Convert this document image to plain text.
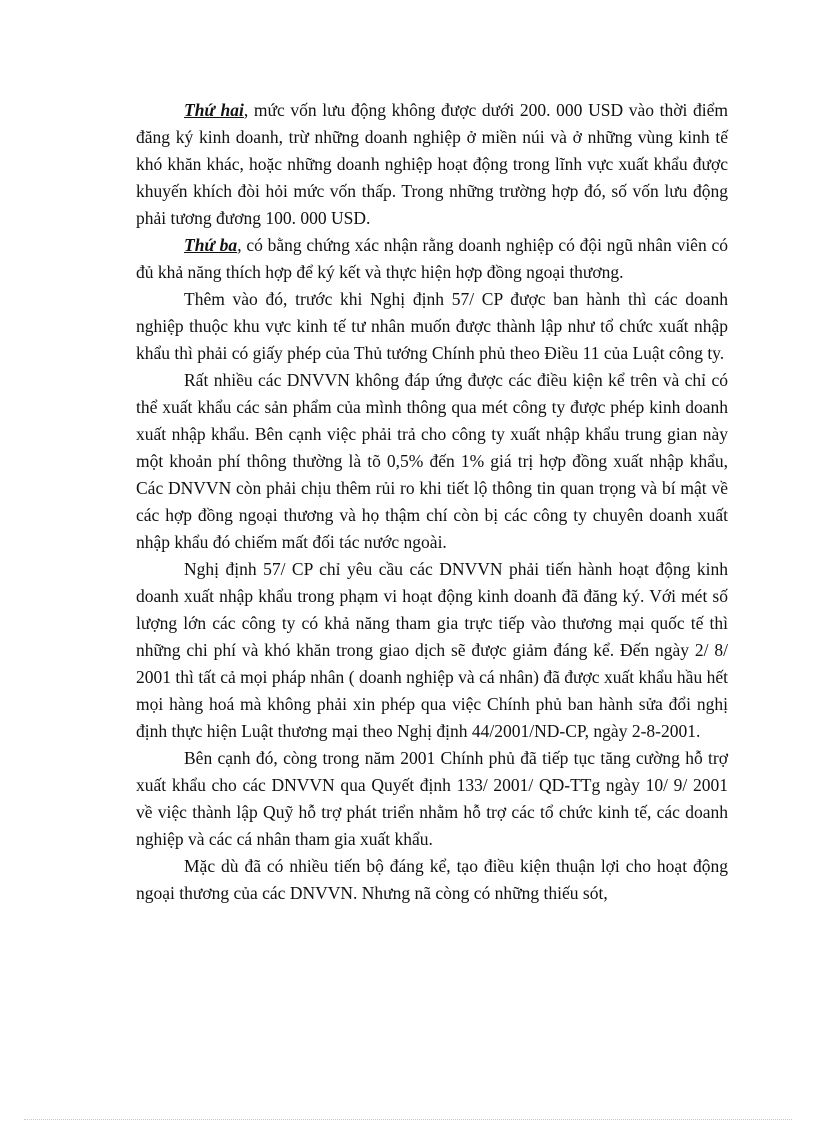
Thứ hai, mức vốn lưu động không được dưới 200. 000 USD vào thời điểm đăng ký kinh doanh, trừ những doanh nghiệp ở miền núi và ở những vùng kinh tế khó khăn khác, hoặc những doanh nghiệp hoạt động trong lĩnh vực xuất khẩu được khuyến khích đòi hỏi mức vốn thấp. Trong những trường hợp đó, số vốn lưu động phải tương đương 100. 000 USD.

Thứ ba, có bằng chứng xác nhận rằng doanh nghiệp có đội ngũ nhân viên có đủ khả năng thích hợp để ký kết và thực hiện hợp đồng ngoại thương.

Thêm vào đó, trước khi Nghị định 57/ CP được ban hành thì các doanh nghiệp thuộc khu vực kinh tế tư nhân muốn được thành lập như tổ chức xuất nhập khẩu thì phải có giấy phép của Thủ tướng Chính phủ theo Điều 11 của Luật công ty.

Rất nhiều các DNVVN không đáp ứng được các điều kiện kể trên và chỉ có thể xuất khẩu các sản phẩm của mình thông qua mét công ty được phép kinh doanh xuất nhập khẩu. Bên cạnh việc phải trả cho công ty xuất nhập khẩu trung gian này một khoản phí thông thường là tõ 0,5% đến 1% giá trị hợp đồng xuất nhập khẩu, Các DNVVN còn phải chịu thêm rủi ro khi tiết lộ thông tin quan trọng và bí mật về các hợp đồng ngoại thương và họ thậm chí còn bị các công ty chuyên doanh xuất nhập khẩu đó chiếm mất đối tác nước ngoài.

Nghị định 57/ CP chỉ yêu cầu các DNVVN phải tiến hành hoạt động kinh doanh xuất nhập khẩu trong phạm vi hoạt động kinh doanh đã đăng ký. Với mét số lượng lớn các công ty có khả năng tham gia trực tiếp vào thương mại quốc tế thì những chi phí và khó khăn trong giao dịch sẽ được giảm đáng kể. Đến ngày 2/ 8/ 2001 thì tất cả mọi pháp nhân ( doanh nghiệp và cá nhân) đã được xuất khẩu hầu hết mọi hàng hoá mà không phải xin phép qua việc Chính phủ ban hành sửa đổi nghị định thực hiện Luật thương mại theo Nghị định 44/2001/ND-CP, ngày 2-8-2001.

Bên cạnh đó, còng trong năm 2001 Chính phủ đã tiếp tục tăng cường hỗ trợ xuất khẩu cho các DNVVN qua Quyết định 133/ 2001/ QD-TTg ngày 10/ 9/ 2001 về việc thành lập Quỹ hỗ trợ phát triển nhằm hỗ trợ các tổ chức kinh tế, các doanh nghiệp và các cá nhân tham gia xuất khẩu.

Mặc dù đã có nhiều tiến bộ đáng kể, tạo điều kiện thuận lợi cho hoạt động ngoại thương của các DNVVN. Nhưng nã còng có những thiếu sót,
